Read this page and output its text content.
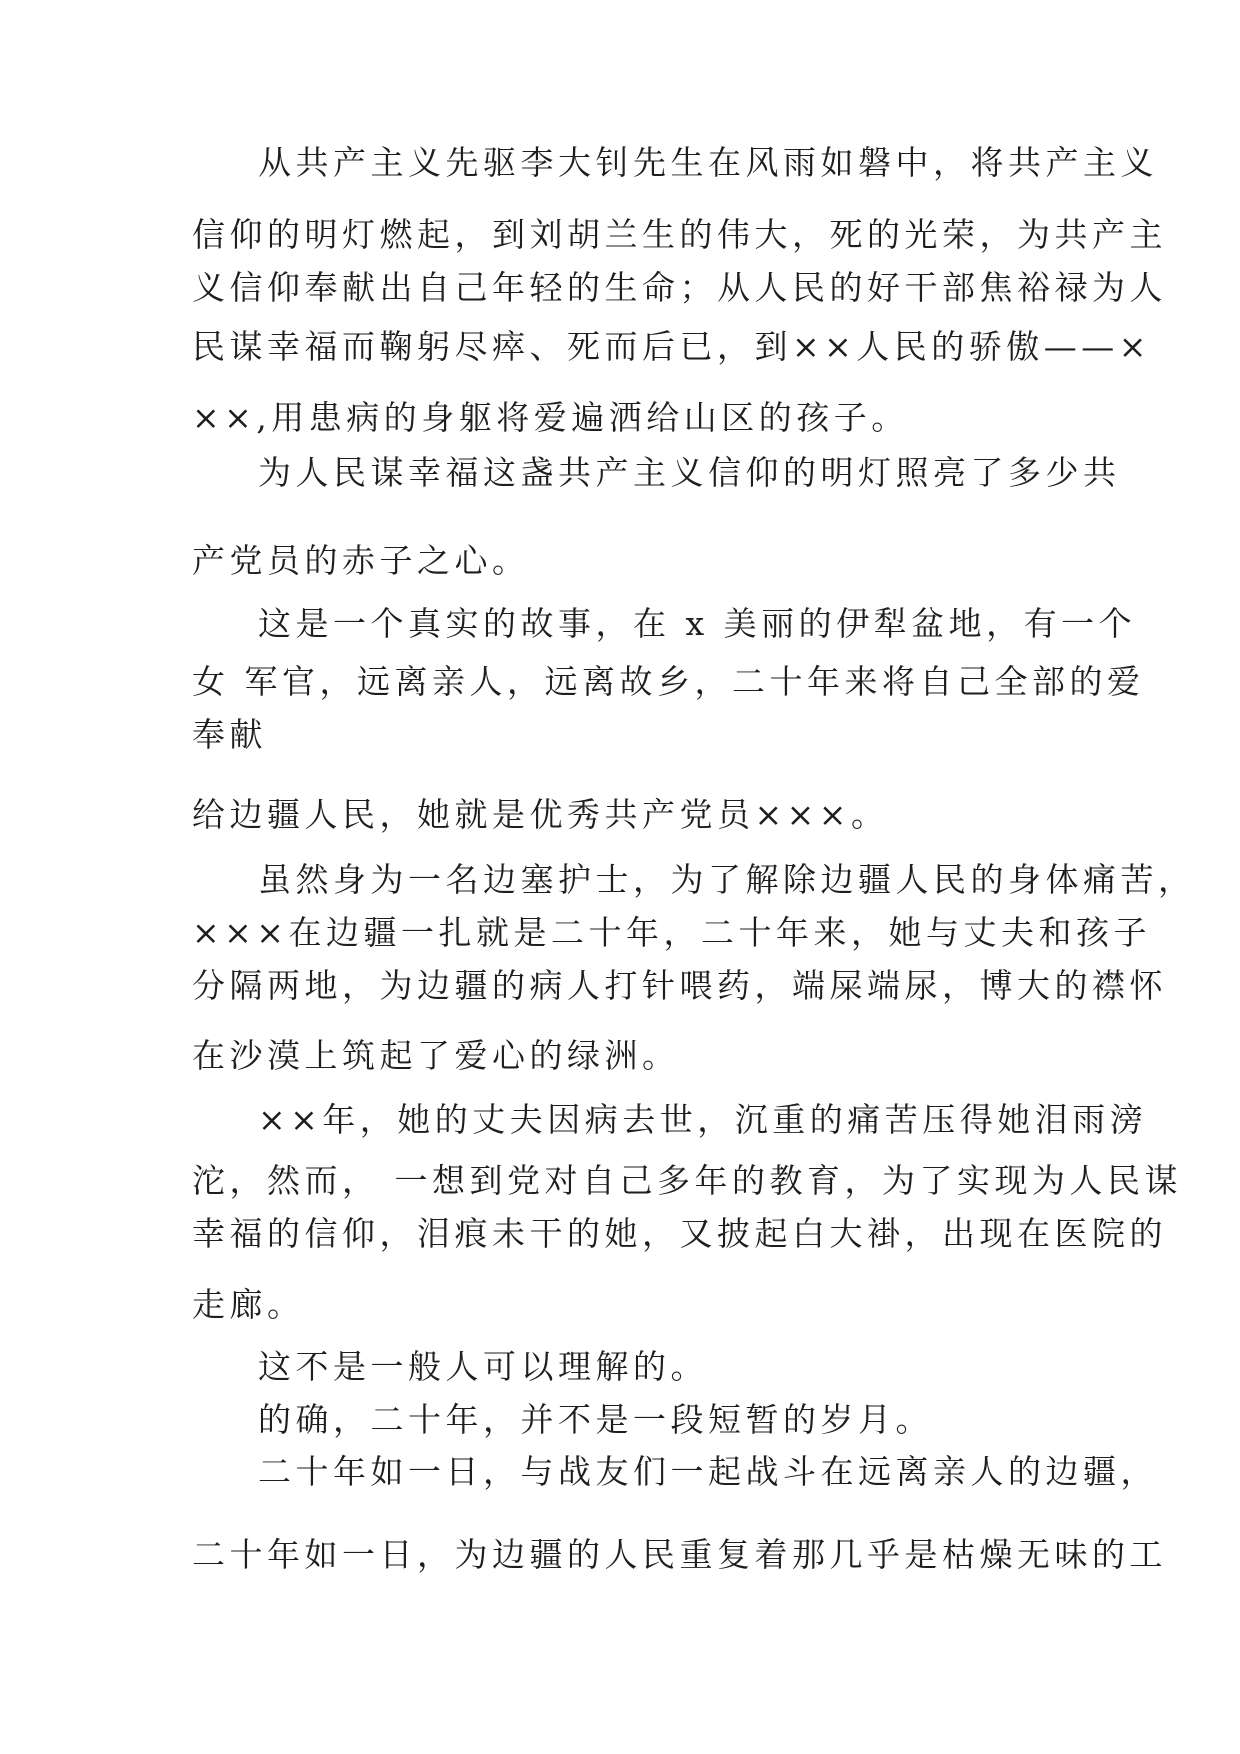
从共产主义先驱李大钊先生在风雨如磐中，将共产主义
信仰的明灯燃起，到刘胡兰生的伟大，死的光荣，为共产主
义信仰奉献出自己年轻的生命；从人民的好干部焦裕禄为人
民谋幸福而鞠躬尽瘁、死而后已，到××人民的骄傲——×
××,用患病的身躯将爱遍洒给山区的孩子。
为人民谋幸福这盏共产主义信仰的明灯照亮了多少共
产党员的赤子之心。
这是一个真实的故事，在 x 美丽的伊犁盆地，有一个
女 军官，远离亲人，远离故乡，二十年来将自己全部的爱
奉献
给边疆人民，她就是优秀共产党员×××。
虽然身为一名边塞护士，为了解除边疆人民的身体痛苦，
×××在边疆一扎就是二十年，二十年来，她与丈夫和孩子
分隔两地，为边疆的病人打针喂药，端屎端尿，博大的襟怀
在沙漠上筑起了爱心的绿洲。
××年，她的丈夫因病去世，沉重的痛苦压得她泪雨滂
沱，然而， 一想到党对自己多年的教育，为了实现为人民谋
幸福的信仰，泪痕未干的她，又披起白大褂，出现在医院的
走廊。
这不是一般人可以理解的。
的确，二十年，并不是一段短暂的岁月。
二十年如一日，与战友们一起战斗在远离亲人的边疆，
二十年如一日，为边疆的人民重复着那几乎是枯燥无味的工
